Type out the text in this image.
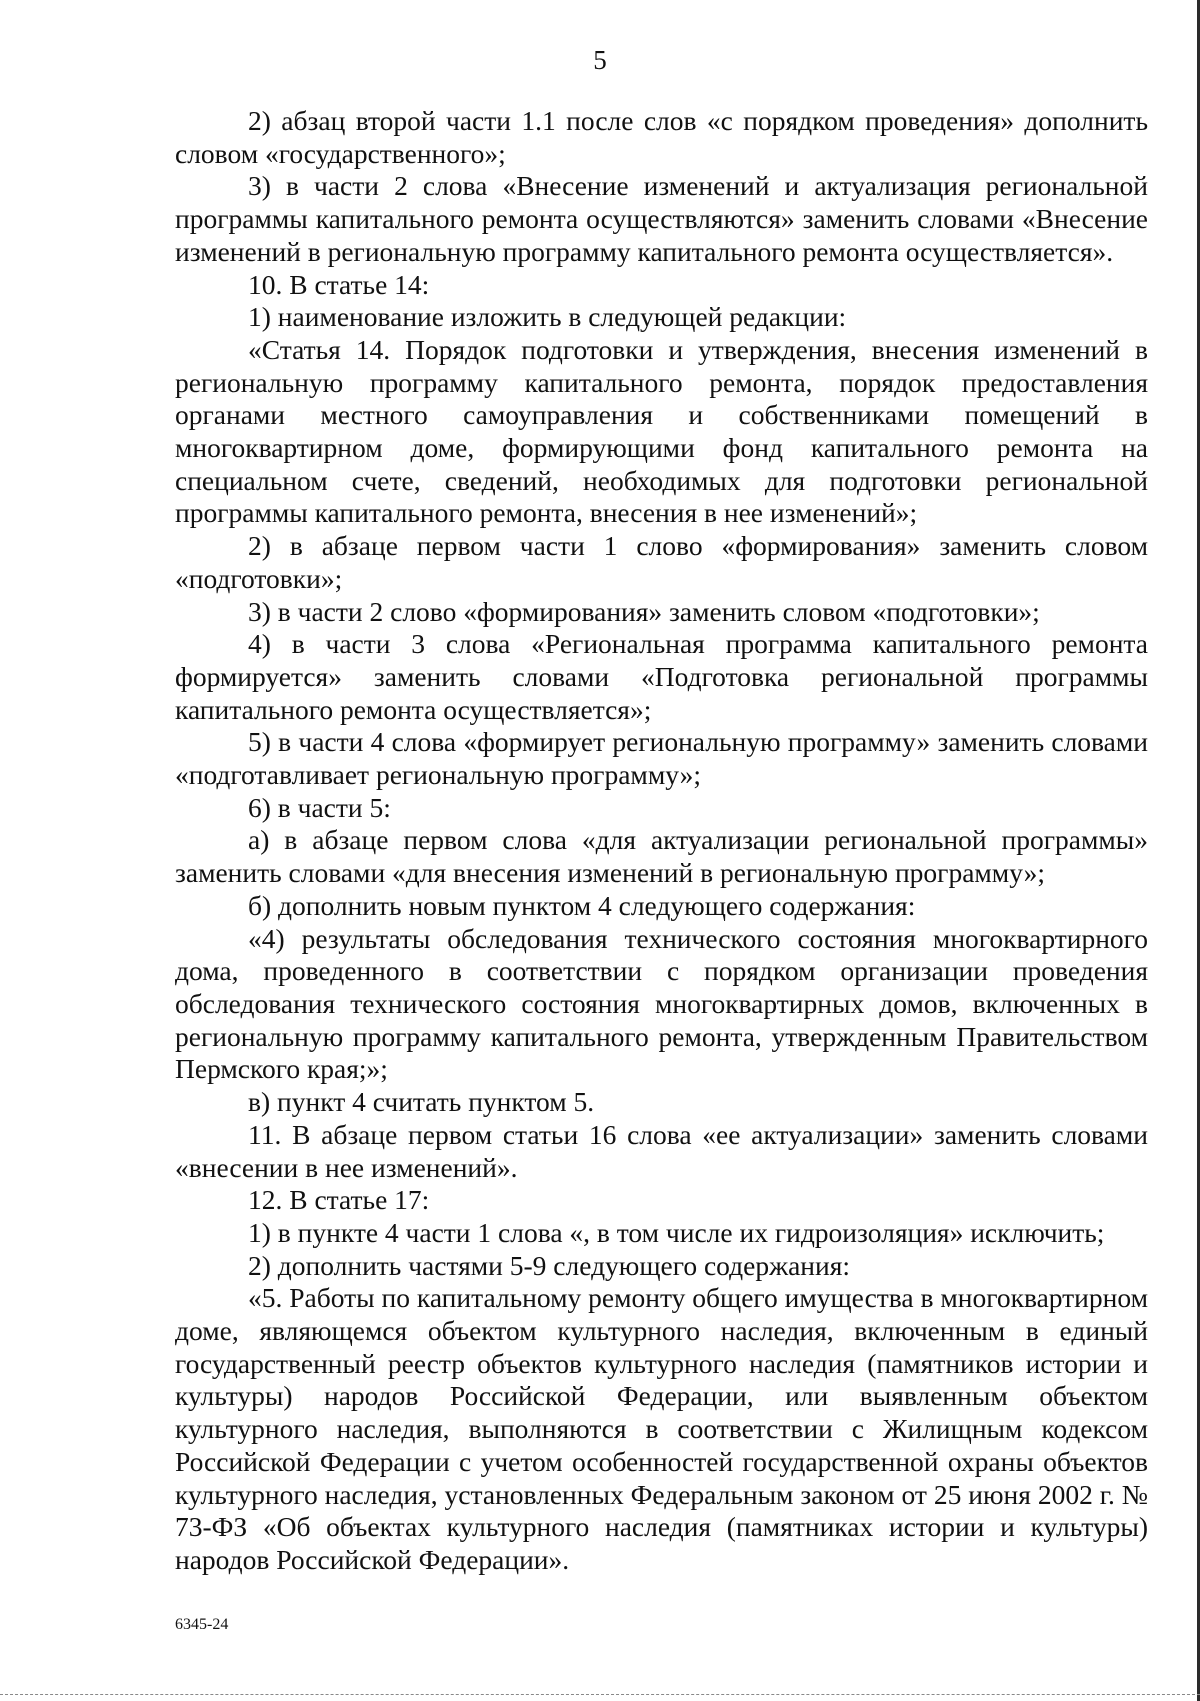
5

2) абзац второй части 1.1 после слов «с порядком проведения» дополнить словом «государственного»;

3) в части 2 слова «Внесение изменений и актуализация региональной программы капитального ремонта осуществляются» заменить словами «Внесение изменений в региональную программу капитального ремонта осуществляется».

10. В статье 14:

1) наименование изложить в следующей редакции:

«Статья 14. Порядок подготовки и утверждения, внесения изменений в региональную программу капитального ремонта, порядок предоставления органами местного самоуправления и собственниками помещений в многоквартирном доме, формирующими фонд капитального ремонта на специальном счете, сведений, необходимых для подготовки региональной программы капитального ремонта, внесения в нее изменений»;

2) в абзаце первом части 1 слово «формирования» заменить словом «подготовки»;

3) в части 2 слово «формирования» заменить словом «подготовки»;

4) в части 3 слова «Региональная программа капитального ремонта формируется» заменить словами «Подготовка региональной программы капитального ремонта осуществляется»;

5) в части 4 слова «формирует региональную программу» заменить словами «подготавливает региональную программу»;

6) в части 5:

а) в абзаце первом слова «для актуализации региональной программы» заменить словами «для внесения изменений в региональную программу»;

б) дополнить новым пунктом 4 следующего содержания:

«4) результаты обследования технического состояния многоквартирного дома, проведенного в соответствии с порядком организации проведения обследования технического состояния многоквартирных домов, включенных в региональную программу капитального ремонта, утвержденным Правительством Пермского края;»;

в) пункт 4 считать пунктом 5.

11. В абзаце первом статьи 16 слова «ее актуализации» заменить словами «внесении в нее изменений».

12. В статье 17:

1) в пункте 4 части 1 слова «, в том числе их гидроизоляция» исключить;

2) дополнить частями 5-9 следующего содержания:

«5. Работы по капитальному ремонту общего имущества в многоквартирном доме, являющемся объектом культурного наследия, включенным в единый государственный реестр объектов культурного наследия (памятников истории и культуры) народов Российской Федерации, или выявленным объектом культурного наследия, выполняются в соответствии с Жилищным кодексом Российской Федерации с учетом особенностей государственной охраны объектов культурного наследия, установленных Федеральным законом от 25 июня 2002 г. № 73-ФЗ «Об объектах культурного наследия (памятниках истории и культуры) народов Российской Федерации».

6345-24
